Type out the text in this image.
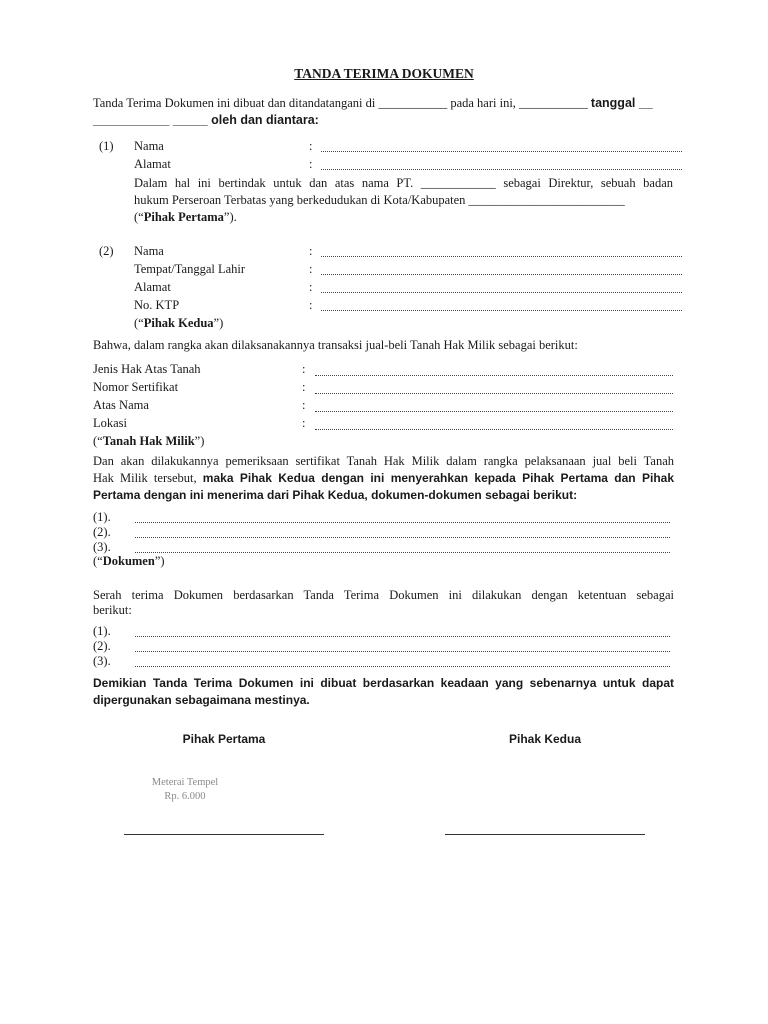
TANDA TERIMA DOKUMEN
Tanda Terima Dokumen ini dibuat dan ditandatangani di ___________ pada hari ini, ___________ tanggal __
___________ _____ oleh dan diantara:
(1) Nama	:
Alamat	:
Dalam hal ini bertindak untuk dan atas nama PT. ____________ sebagai Direktur, sebuah badan
hukum Perseroan Terbatas yang berkedudukan di Kota/Kabupaten _________________________
(“Pihak Pertama”).
(2) Nama	:
Tempat/Tanggal Lahir	:
Alamat	:
No. KTP	:
(“Pihak Kedua”)
Bahwa, dalam rangka akan dilaksanakannya transaksi jual-beli Tanah Hak Milik sebagai berikut:
Jenis Hak Atas Tanah	:
Nomor Sertifikat	:
Atas Nama	:
Lokasi	:
(“Tanah Hak Milik”)
Dan akan dilakukannya pemeriksaan sertifikat Tanah Hak Milik dalam rangka pelaksanaan jual beli Tanah
Hak Milik tersebut, maka Pihak Kedua dengan ini menyerahkan kepada Pihak Pertama dan Pihak
Pertama dengan ini menerima dari Pihak Kedua, dokumen-dokumen sebagai berikut:
(1).
(2).
(3).
(“Dokumen”)
Serah terima Dokumen berdasarkan Tanda Terima Dokumen ini dilakukan dengan ketentuan sebagai
berikut:
(1).
(2).
(3).
Demikian Tanda Terima Dokumen ini dibuat berdasarkan keadaan yang sebenarnya untuk dapat
dipergunakan sebagaimana mestinya.
Pihak Pertama	Pihak Kedua
Meterai Tempel
Rp. 6.000
